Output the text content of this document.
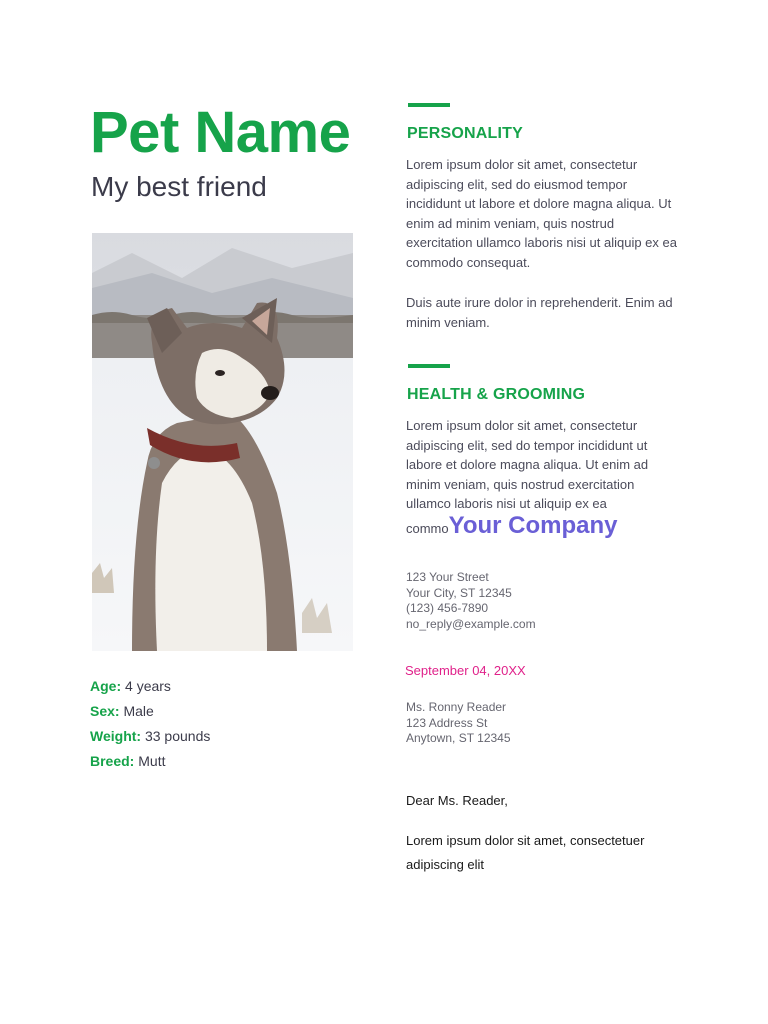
Pet Name
My best friend
Age: 4 years
Sex: Male
Weight: 33 pounds
Breed: Mutt
PERSONALITY
Lorem ipsum dolor sit amet, consectetur adipiscing elit, sed do eiusmod tempor incididunt ut labore et dolore magna aliqua. Ut enim ad minim veniam, quis nostrud exercitation ullamco laboris nisi ut aliquip ex ea commodo consequat.
Duis aute irure dolor in reprehenderit. Enim ad minim veniam.
HEALTH & GROOMING
Lorem ipsum dolor sit amet, consectetur adipiscing elit, sed do tempor incididunt ut labore et dolore magna aliqua. Ut enim ad minim veniam, quis nostrud exercitation ullamco laboris nisi ut aliquip ex ea
commoYour Company
123 Your Street
Your City, ST 12345
(123) 456-7890
no_reply@example.com
September 04, 20XX
Ms. Ronny Reader
123 Address St
Anytown, ST 12345
Dear Ms. Reader,
Lorem ipsum dolor sit amet, consectetuer adipiscing elit
